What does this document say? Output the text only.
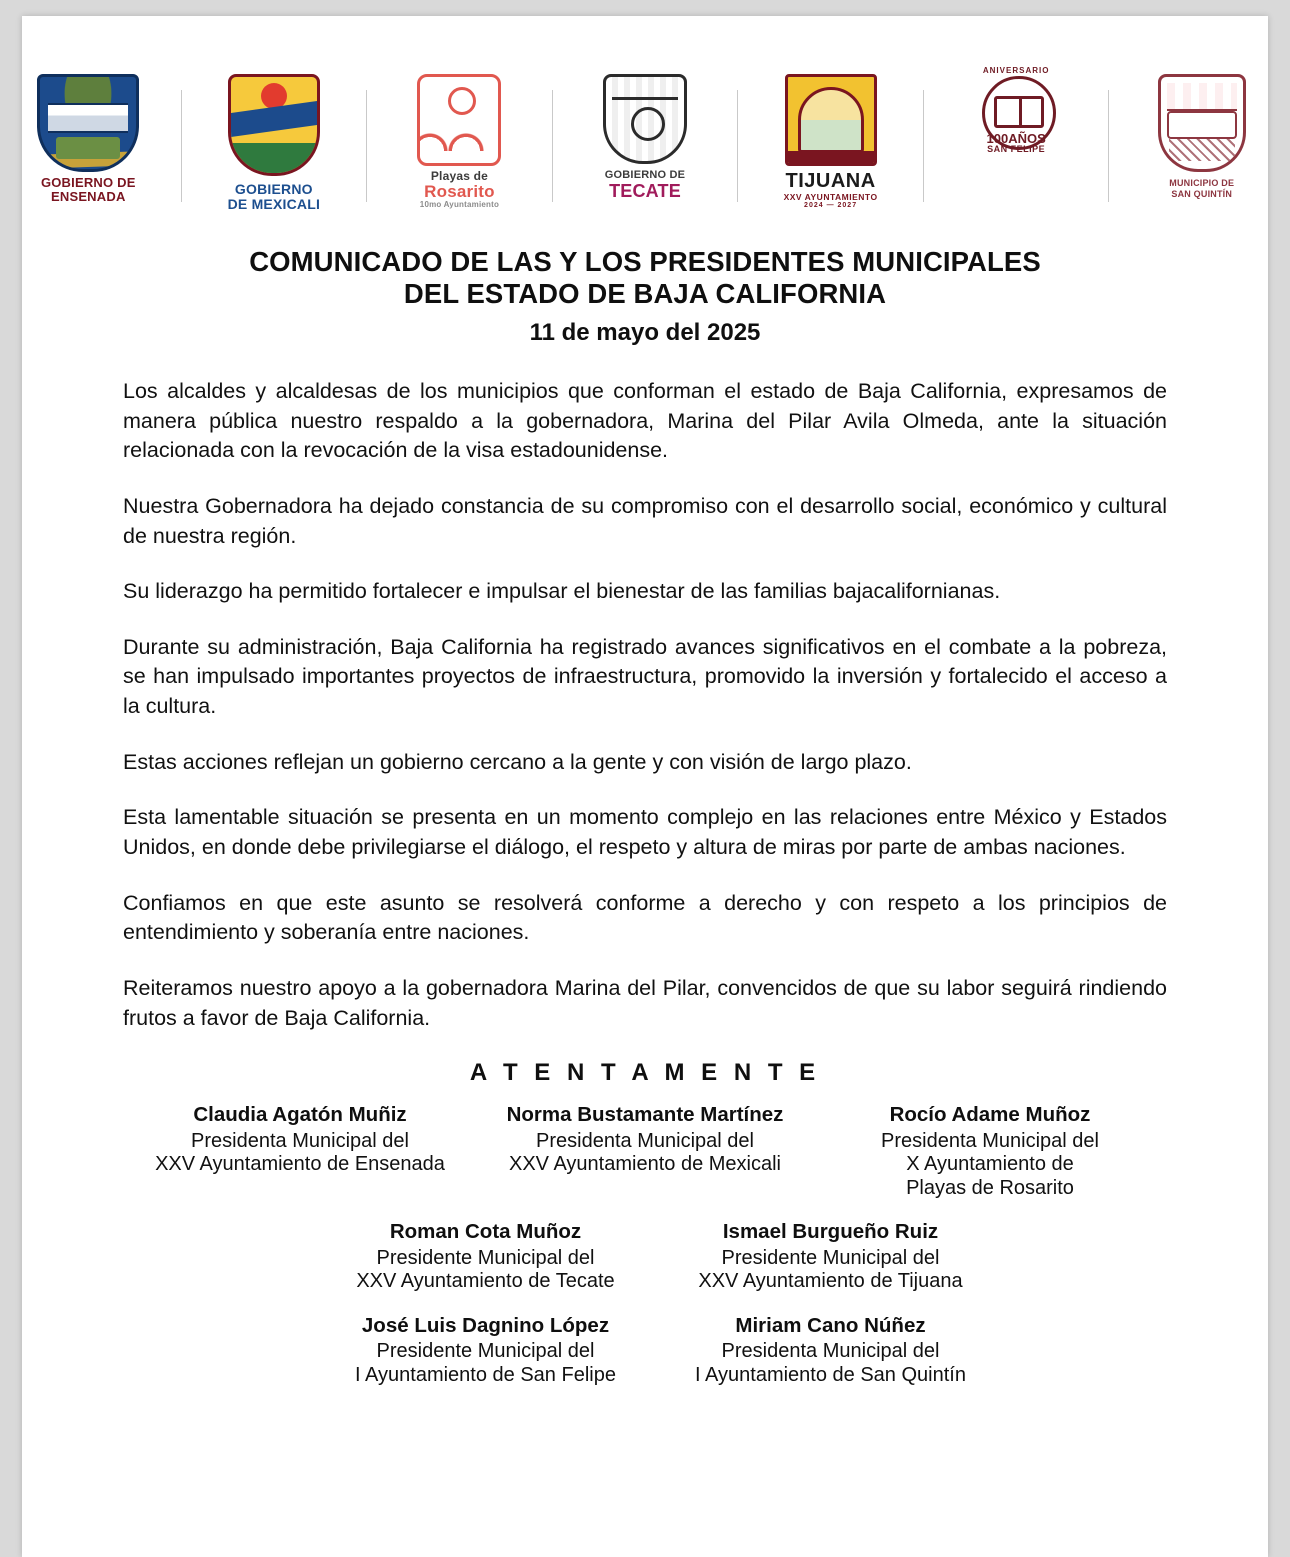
GOBIERNO DE
ENSENADA	GOBIERNO
DE MEXICALI
Playas de
Rosarito
10mo Ayuntamiento
GOBIERNO DE
TECATE	TIJUANA
XXV AYUNTAMIENTO
2024 — 2027
ANIVERSARIO
100AÑOS
SAN FELIPE
MUNICIPIO DE
SAN QUINTÍN
COMUNICADO DE LAS Y LOS PRESIDENTES MUNICIPALES
DEL ESTADO DE BAJA CALIFORNIA
11 de mayo del 2025

Los alcaldes y alcaldesas de los municipios que conforman el estado de Baja California, expresamos de manera pública nuestro respaldo a la gobernadora, Marina del Pilar Avila Olmeda, ante la situación relacionada con la revocación de la visa estadounidense.

Nuestra Gobernadora ha dejado constancia de su compromiso con el desarrollo social, económico y cultural de nuestra región.

Su liderazgo ha permitido fortalecer e impulsar el bienestar de las familias bajacalifornianas.

Durante su administración, Baja California ha registrado avances significativos en el combate a la pobreza, se han impulsado importantes proyectos de infraestructura, promovido la inversión y fortalecido el acceso a la cultura.

Estas acciones reflejan un gobierno cercano a la gente y con visión de largo plazo.

Esta lamentable situación se presenta en un momento complejo en las relaciones entre México y Estados Unidos, en donde debe privilegiarse el diálogo, el respeto y altura de miras por parte de ambas naciones.

Confiamos en que este asunto se resolverá conforme a derecho y con respeto a los principios de entendimiento y soberanía entre naciones.

Reiteramos nuestro apoyo a la gobernadora Marina del Pilar, convencidos de que su labor seguirá rindiendo frutos a favor de Baja California.

A T E N T A M E N T E
Claudia Agatón Muñiz
Presidenta Municipal del
XXV Ayuntamiento de Ensenada
Norma Bustamante Martínez
Presidenta Municipal del
XXV Ayuntamiento de Mexicali
Rocío Adame Muñoz
Presidenta Municipal del
X Ayuntamiento de
Playas de Rosarito
Roman Cota Muñoz
Presidente Municipal del
XXV Ayuntamiento de Tecate
Ismael Burgueño Ruiz
Presidente Municipal del
XXV Ayuntamiento de Tijuana
José Luis Dagnino López
Presidente Municipal del
I Ayuntamiento de San Felipe
Miriam Cano Núñez
Presidenta Municipal del
I Ayuntamiento de San Quintín
